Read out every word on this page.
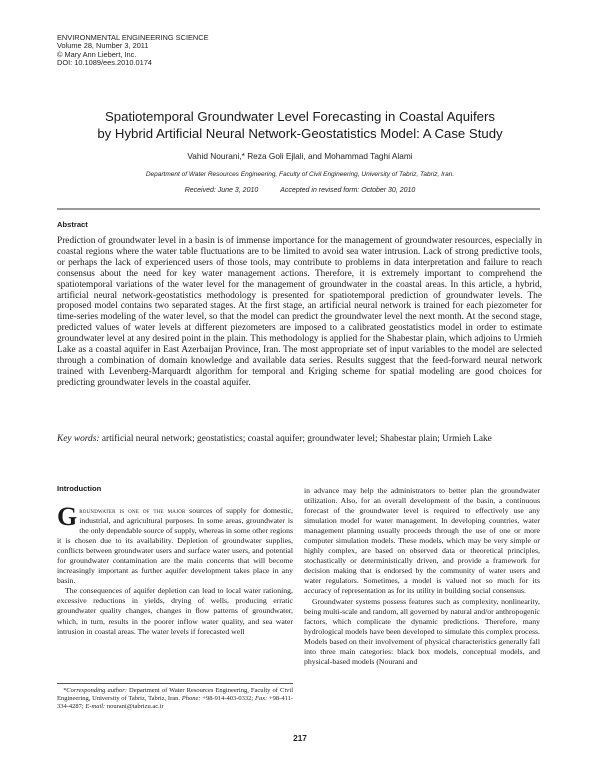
ENVIRONMENTAL ENGINEERING SCIENCE
Volume 28, Number 3, 2011
© Mary Ann Liebert, Inc.
DOI: 10.1089/ees.2010.0174
Spatiotemporal Groundwater Level Forecasting in Coastal Aquifers
by Hybrid Artificial Neural Network-Geostatistics Model: A Case Study
Vahid Nourani,* Reza Goli Ejlali, and Mohammad Taghi Alami
Department of Water Resources Engineering, Faculty of Civil Engineering, University of Tabriz, Tabriz, Iran.
Received: June 3, 2010	Accepted in revised form: October 30, 2010
Abstract
Prediction of groundwater level in a basin is of immense importance for the management of groundwater resources, especially in coastal regions where the water table fluctuations are to be limited to avoid sea water intrusion. Lack of strong predictive tools, or perhaps the lack of experienced users of those tools, may contribute to problems in data interpretation and failure to reach consensus about the need for key water management actions. Therefore, it is extremely important to comprehend the spatiotemporal variations of the water level for the management of groundwater in the coastal areas. In this article, a hybrid, artificial neural network-geostatistics methodology is presented for spatiotemporal prediction of groundwater levels. The proposed model contains two separated stages. At the first stage, an artificial neural network is trained for each piezometer for time-series modeling of the water level, so that the model can predict the groundwater level the next month. At the second stage, predicted values of water levels at different piezometers are imposed to a calibrated geostatistics model in order to estimate groundwater level at any desired point in the plain. This methodology is applied for the Shabestar plain, which adjoins to Urmieh Lake as a coastal aquifer in East Azerbaijan Province, Iran. The most appropriate set of input variables to the model are selected through a combination of domain knowledge and available data series. Results suggest that the feed-forward neural network trained with Levenberg-Marquardt algorithm for temporal and Kriging scheme for spatial modeling are good choices for predicting groundwater levels in the coastal aquifer.
Key words: artificial neural network; geostatistics; coastal aquifer; groundwater level; Shabestar plain; Urmieh Lake
Introduction

Groundwater is one of the major sources of supply for domestic, industrial, and agricultural purposes. In some areas, groundwater is the only dependable source of supply, whereas in some other regions it is chosen due to its availability. Depletion of groundwater supplies, conflicts between groundwater users and surface water users, and potential for groundwater contamination are the main concerns that will become increasingly important as further aquifer development takes place in any basin.

The consequences of aquifer depletion can lead to local water rationing, excessive reductions in yields, drying of wells, producing erratic groundwater quality changes, changes in flow patterns of groundwater, which, in turn, results in the poorer inflow water quality, and sea water intrusion in coastal areas. The water levels if forecasted well

in advance may help the administrators to better plan the groundwater utilization. Also, for an overall development of the basin, a continuous forecast of the groundwater level is required to effectively use any simulation model for water management. In developing countries, water management planning usually proceeds through the use of one or more computer simulation models. These models, which may be very simple or highly complex, are based on observed data or theoretical principles, stochastically or deterministically driven, and provide a framework for decision making that is endorsed by the community of water users and water regulators. Sometimes, a model is valued not so much for its accuracy of representation as for its utility in building social consensus.

Groundwater systems possess features such as complexity, nonlinearity, being multi-scale and random, all governed by natural and/or anthropogenic factors, which complicate the dynamic predictions. Therefore, many hydrological models have been developed to simulate this complex process. Models based on their involvement of physical characteristics generally fall into three main categories: black box models, conceptual models, and physical-based models (Nourani and

*Corresponding author: Department of Water Resources Engineering, Faculty of Civil Engineering, University of Tabriz, Tabriz, Iran. Phone: +98-914-403-0332; Fax: +98-411-334-4287; E-mail: nourani@tabrizu.ac.ir
217
